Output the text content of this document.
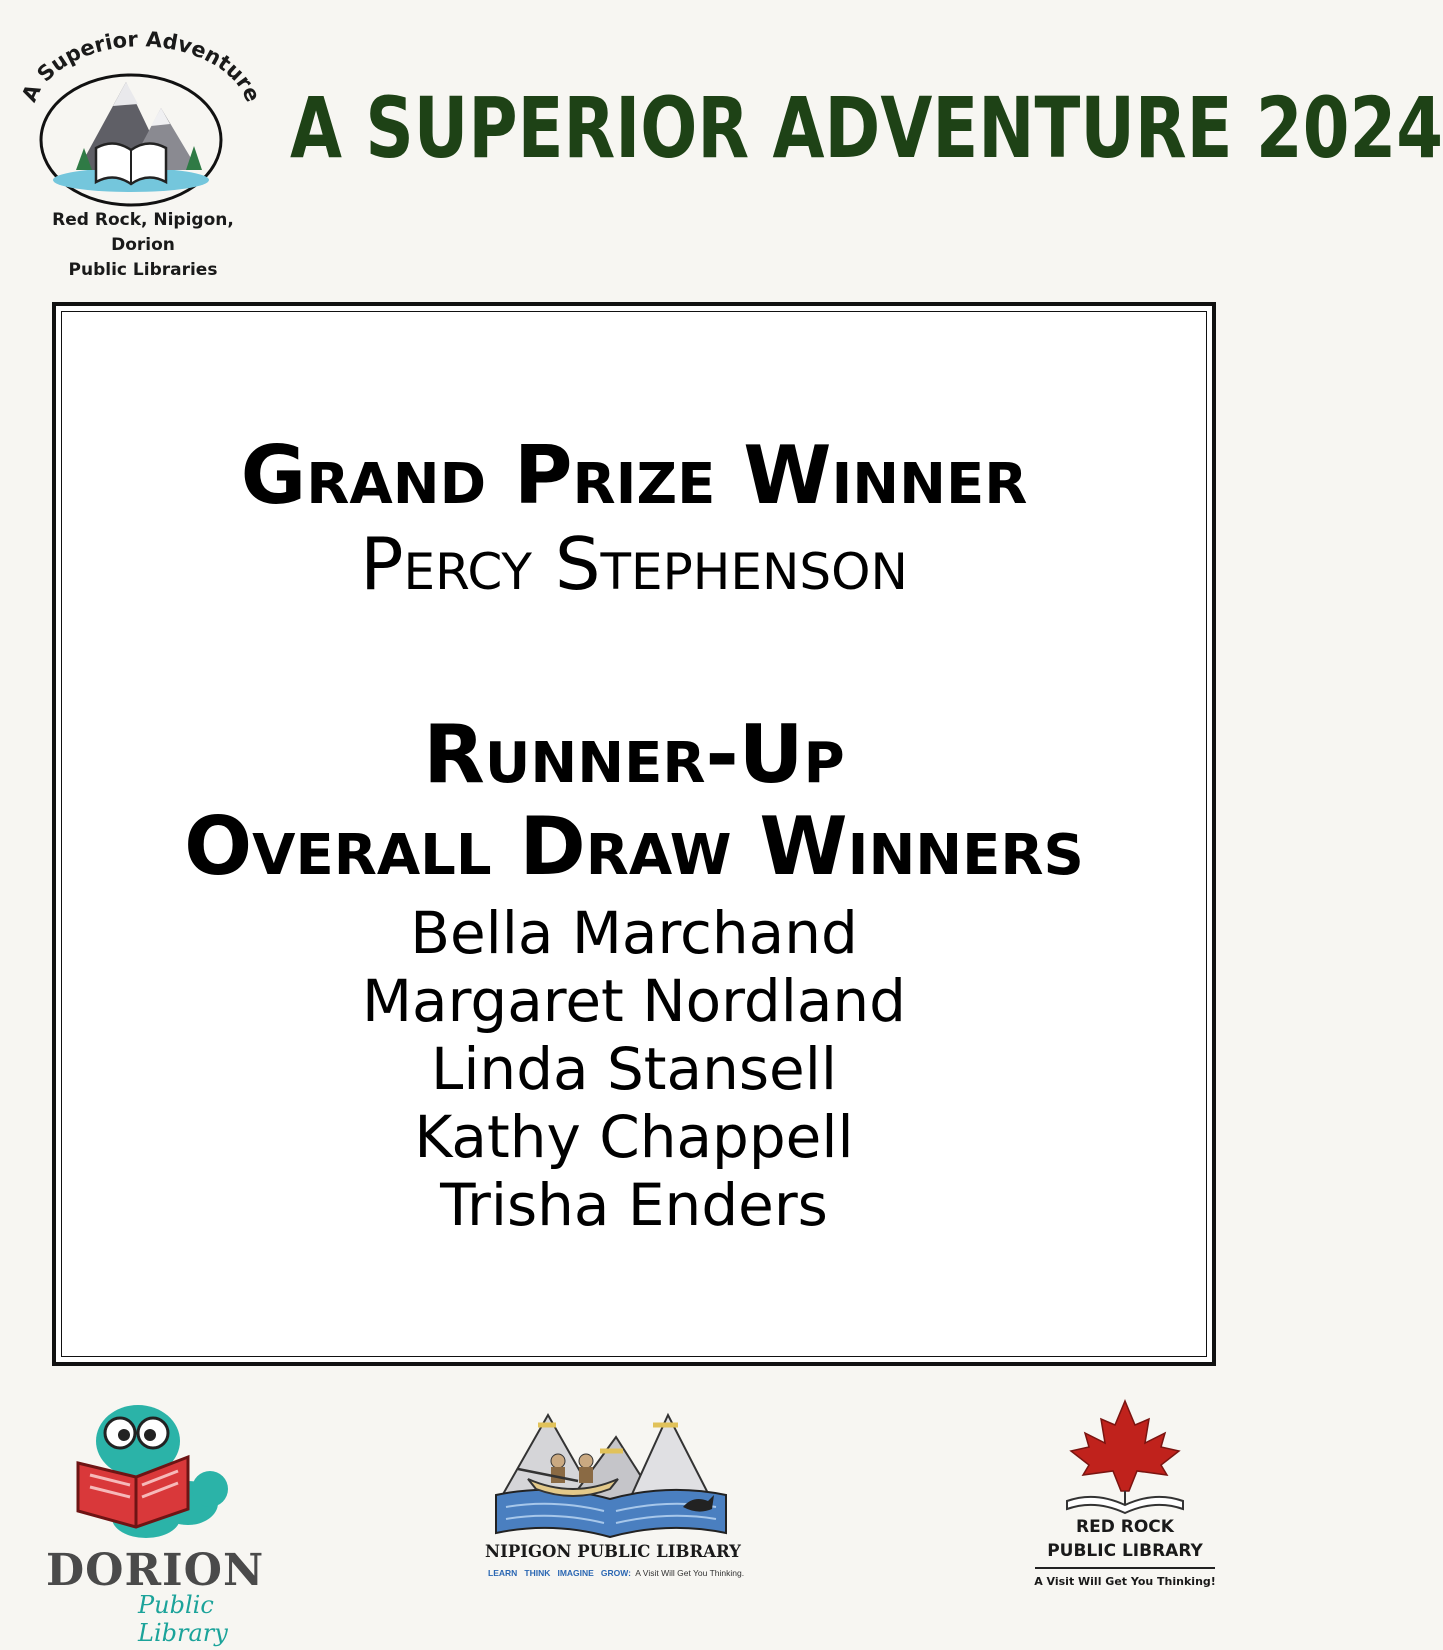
A Superior Adventure
Red Rock, Nipigon, Dorion
Public Libraries
A SUPERIOR ADVENTURE 2024
Grand Prize Winner

Percy Stephenson

Runner-Up
Overall Draw Winners
Bella Marchand
Margaret Nordland
Linda Stansell
Kathy Chappell
Trisha Enders

DORION

Public Library

NIPIGON PUBLIC LIBRARY

LEARN THINK IMAGINE GROW: A Visit Will Get You Thinking.

RED ROCK
PUBLIC LIBRARY

A Visit Will Get You Thinking!
